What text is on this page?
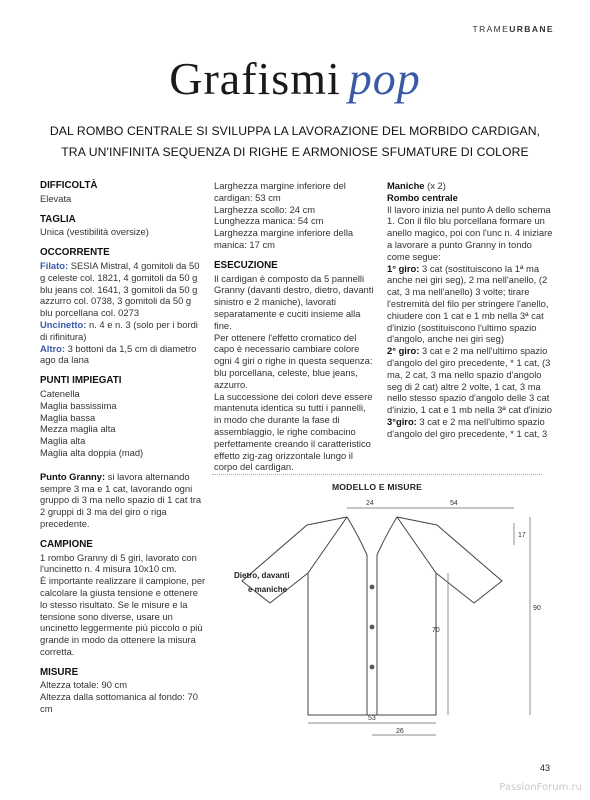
TRAMEURBANE
Grafismi pop
DAL ROMBO CENTRALE SI SVILUPPA LA LAVORAZIONE DEL MORBIDO CARDIGAN,
TRA UN'INFINITA SEQUENZA DI RIGHE E ARMONIOSE SFUMATURE DI COLORE
DIFFICOLTÀ

Elevata

TAGLIA

Unica (vestibilità oversize)

OCCORRENTE

Filato: SESIA Mistral, 4 gomitoli da 50 g celeste col. 1821, 4 gomitoli da 50 g blu jeans col. 1641, 3 gomitoli da 50 g azzurro col. 0738, 3 gomitoli da 50 g blu porcellana col. 0273

Uncinetto: n. 4 e n. 3 (solo per i bordi di rifinitura)

Altro: 3 bottoni da 1,5 cm di diametro ago da lana

PUNTI IMPIEGATI

Catenella

Maglia bassissima

Maglia bassa

Mezza maglia alta

Maglia alta

Maglia alta doppia (mad)

Punto Granny: si lavora alternando sempre 3 ma e 1 cat, lavorando ogni gruppo di 3 ma nello spazio di 1 cat tra 2 gruppi di 3 ma del giro o riga precedente.

CAMPIONE

1 rombo Granny di 5 giri, lavorato con l'uncinetto n. 4 misura 10x10 cm.

È importante realizzare il campione, per calcolare la giusta tensione e ottenere lo stesso risultato. Se le misure e la tensione sono diverse, usare un uncinetto leggermente più piccolo o più grande in modo da ottenere la misura corretta.

MISURE

Altezza totale: 90 cm

Altezza dalla sottomanica al fondo: 70 cm

Larghezza margine inferiore del cardigan: 53 cm

Larghezza scollo: 24 cm

Lunghezza manica: 54 cm

Larghezza margine inferiore della manica: 17 cm

ESECUZIONE

Il cardigan è composto da 5 pannelli Granny (davanti destro, dietro, davanti sinistro e 2 maniche), lavorati separatamente e cuciti insieme alla fine.

Per ottenere l'effetto cromatico del capo è necessario cambiare colore ogni 4 giri o righe in questa sequenza: blu porcellana, celeste, blue jeans, azzurro.

La successione dei colori deve essere mantenuta identica su tutti i pannelli, in modo che durante la fase di assemblaggio, le righe combacino perfettamente creando il caratteristico effetto zig-zag orizzontale lungo il corpo del cardigan.

Maniche (x 2)

Rombo centrale

Il lavoro inizia nel punto A dello schema 1. Con il filo blu porcellana formare un anello magico, poi con l'unc n. 4 iniziare a lavorare a punto Granny in tondo come segue:

1° giro: 3 cat (sostituiscono la 1ª ma anche nei giri seg), 2 ma nell'anello, (2 cat, 3 ma nell'anello) 3 volte; tirare l'estremità del filo per stringere l'anello, chiudere con 1 cat e 1 mb nella 3ª cat d'inizio (sostituiscono l'ultimo spazio d'angolo, anche nei giri seg)

2° giro: 3 cat e 2 ma nell'ultimo spazio d'angolo del giro precedente, * 1 cat, (3 ma, 2 cat, 3 ma nello spazio d'angolo seg di 2 cat) altre 2 volte, 1 cat, 3 ma nello stesso spazio d'angolo delle 3 cat d'inizio, 1 cat e 1 mb nella 3ª cat d'inizio

3°giro: 3 cat e 2 ma nell'ultimo spazio d'angolo del giro precedente, * 1 cat, 3

MODELLO E MISURE
24	54
17
90
70
53
26
Dietro, davanti
e maniche
43
PassionForum.ru
